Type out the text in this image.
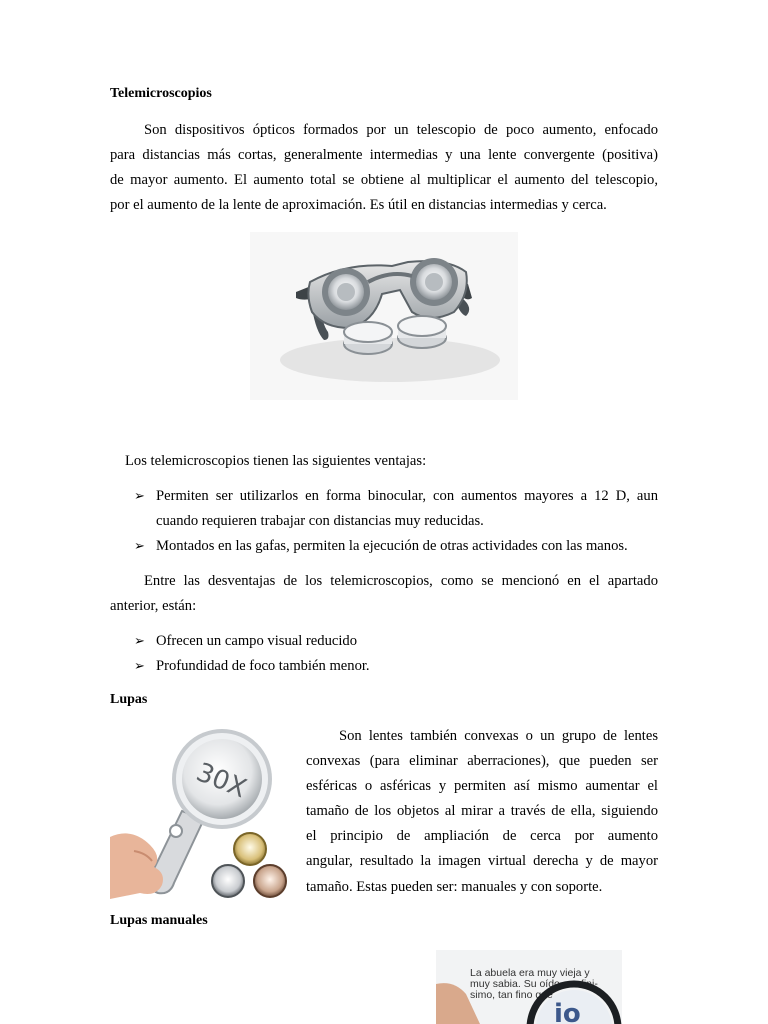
Telemicroscopios
Son dispositivos ópticos formados por un telescopio de poco aumento, enfocado
para distancias más cortas, generalmente intermedias y una lente convergente (positiva)
de mayor aumento. El aumento total se obtiene al multiplicar el aumento del telescopio,
por el aumento de la lente de aproximación. Es útil en distancias intermedias y cerca.
Los telemicroscopios tienen las siguientes ventajas:
➢ Permiten ser utilizarlos en forma binocular, con aumentos mayores a 12 D, aun
cuando requieren trabajar con distancias muy reducidas.
➢ Montados en las gafas, permiten la ejecución de otras actividades con las manos.
Entre las desventajas de los telemicroscopios, como se mencionó en el apartado
anterior, están:
➢ Ofrecen un campo visual reducido
➢ Profundidad de foco también menor.
Lupas
30X
Son lentes también convexas o un grupo de lentes
convexas (para eliminar aberraciones), que pueden ser
esféricas o asféricas y permiten así mismo aumentar el
tamaño de los objetos al mirar a través de ella, siguiendo
el principio de ampliación de cerca por aumento
angular, resultado la imagen virtual derecha y de mayor
tamaño. Estas pueden ser: manuales y con soporte.
Lupas manuales
La abuela era muy vieja y
muy sabia. Su oído era fini-
simo, tan fino que
io
